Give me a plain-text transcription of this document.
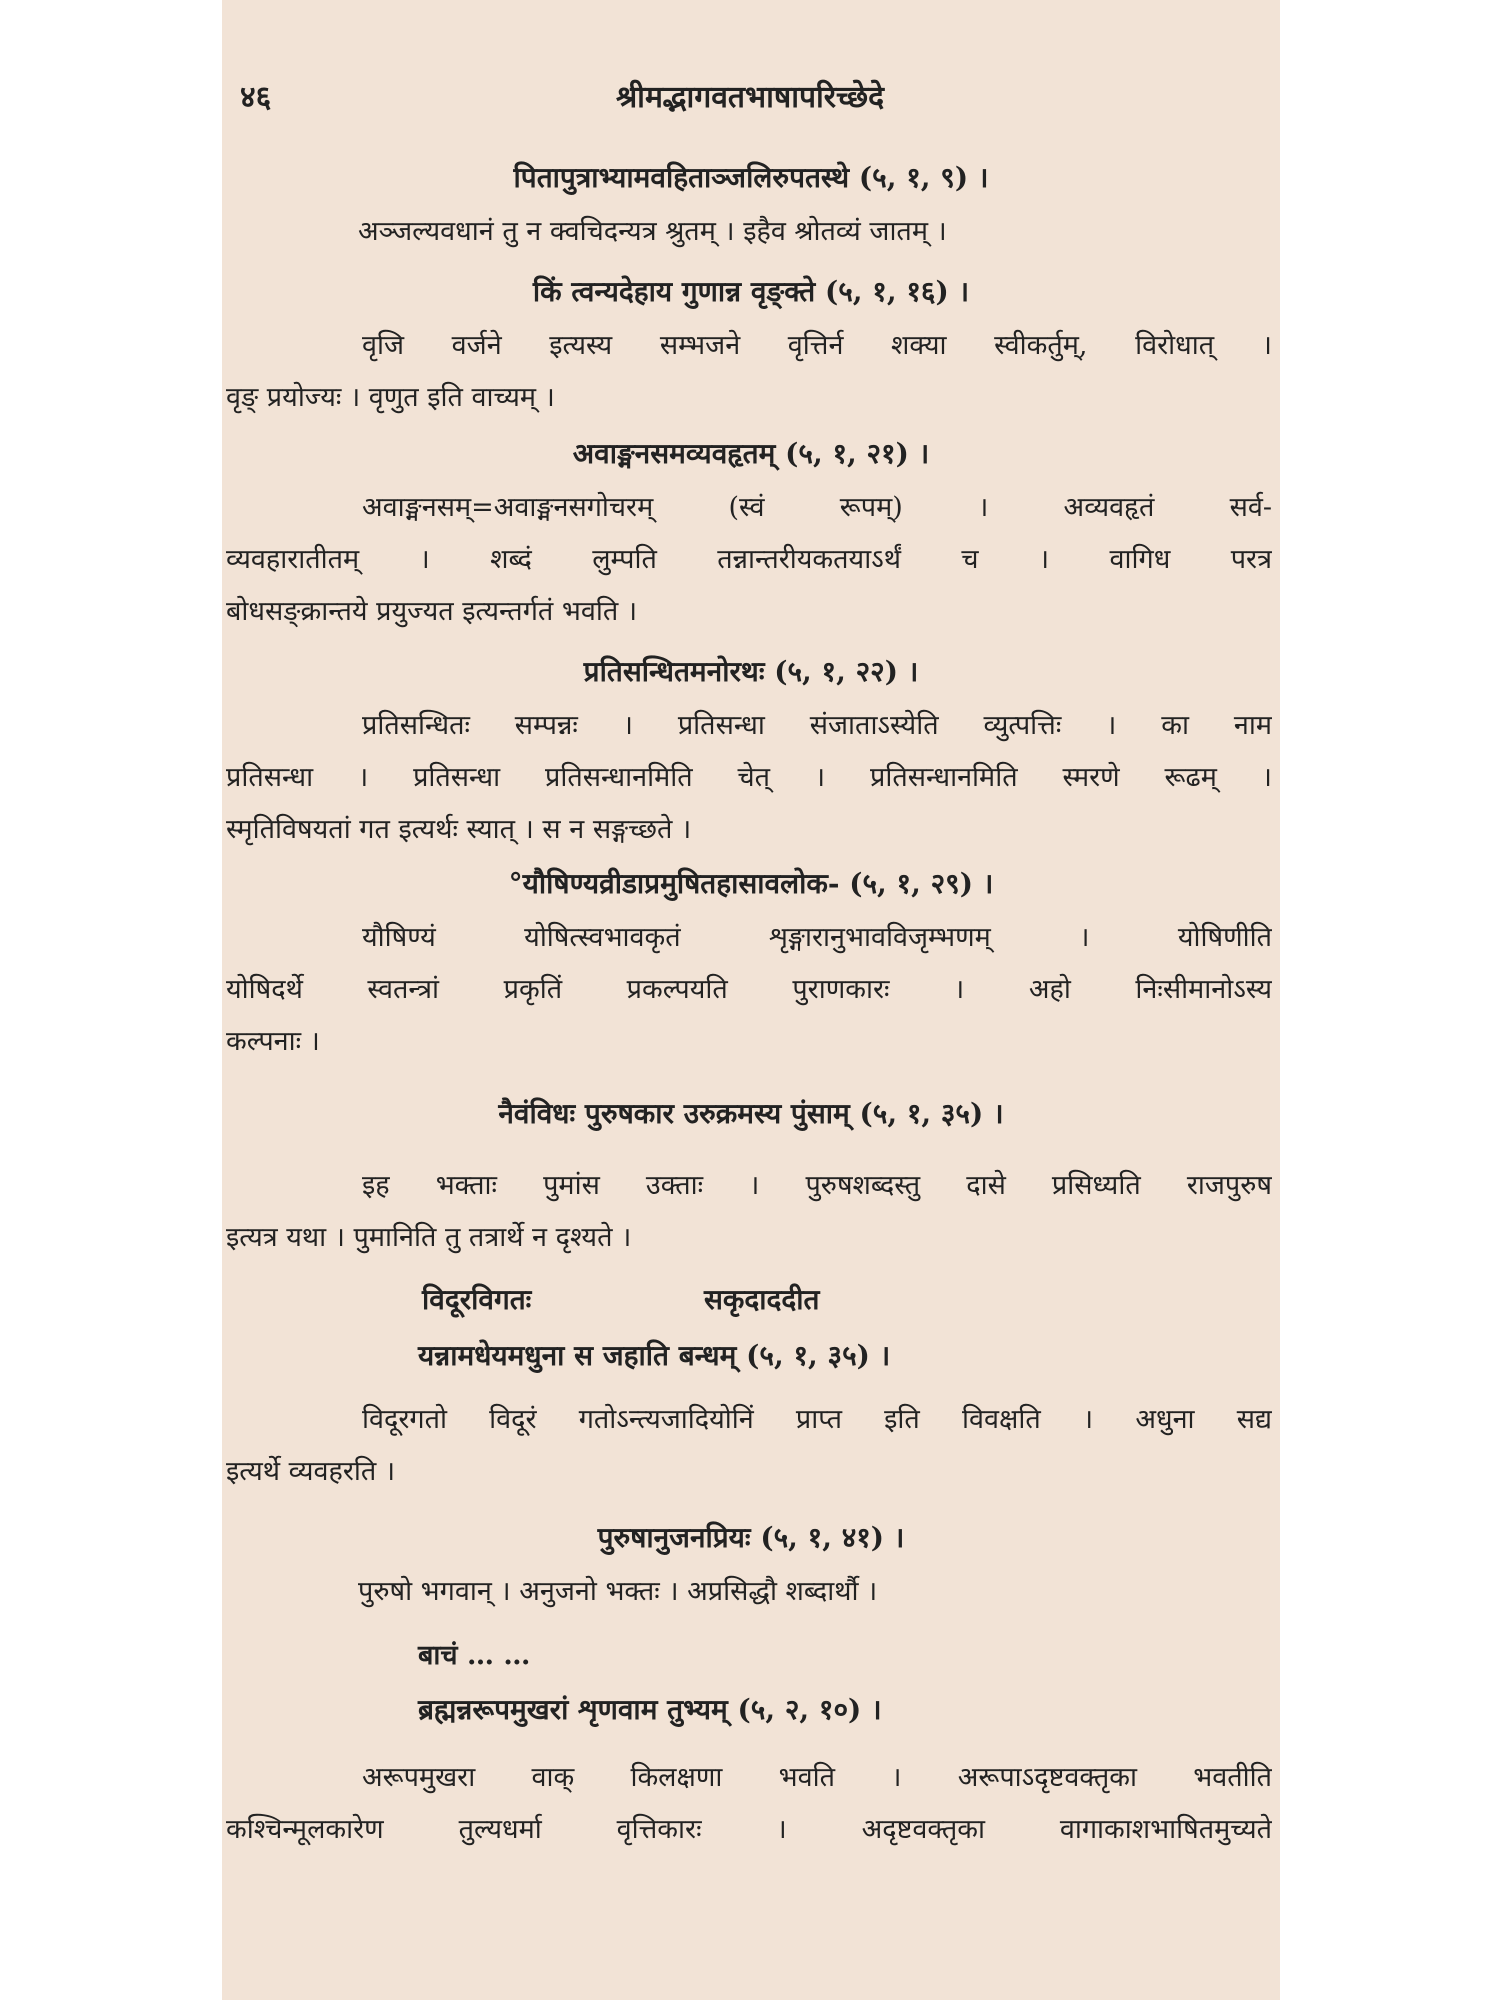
४६	श्रीमद्भागवतभाषापरिच्छेदे
पितापुत्राभ्यामवहिताञ्जलिरुपतस्थे (५, १, ९) ।
अञ्जल्यवधानं तु न क्वचिदन्यत्र श्रुतम् । इहैव श्रोतव्यं जातम् ।
किं त्वन्यदेहाय गुणान्न वृङ्क्ते (५, १, १६) ।
वृजि वर्जने इत्यस्य सम्भजने वृत्तिर्न शक्या स्वीकर्तुम्, विरोधात् ।
वृङ् प्रयोज्यः । वृणुत इति वाच्यम् ।
अवाङ्मनसमव्यवहृतम् (५, १, २१) ।
अवाङ्मनसम्=अवाङ्मनसगोचरम् (स्वं रूपम्) । अव्यवहृतं सर्व-
व्यवहारातीतम् । शब्दं लुम्पति तन्नान्तरीयकतयाऽर्थं च । वागिध परत्र
बोधसङ्क्रान्तये प्रयुज्यत इत्यन्तर्गतं भवति ।
प्रतिसन्धितमनोरथः (५, १, २२) ।
प्रतिसन्धितः सम्पन्नः । प्रतिसन्धा संजाताऽस्येति व्युत्पत्तिः । का नाम
प्रतिसन्धा । प्रतिसन्धा प्रतिसन्धानमिति चेत् । प्रतिसन्धानमिति स्मरणे रूढम् ।
स्मृतिविषयतां गत इत्यर्थः स्यात् । स न सङ्गच्छते ।
°यौषिण्यव्रीडाप्रमुषितहासावलोक- (५, १, २९) ।
यौषिण्यं योषित्स्वभावकृतं शृङ्गारानुभावविजृम्भणम् । योषिणीति
योषिदर्थे स्वतन्त्रां प्रकृतिं प्रकल्पयति पुराणकारः । अहो निःसीमानोऽस्य
कल्पनाः ।
नैवंविधः पुरुषकार उरुक्रमस्य पुंसाम् (५, १, ३५) ।
इह भक्ताः पुमांस उक्ताः । पुरुषशब्दस्तु दासे प्रसिध्यति राजपुरुष
इत्यत्र यथा । पुमानिति तु तत्रार्थे न दृश्यते ।
विदूरविगतः	सकृदाददीत
यन्नामधेयमधुना स जहाति बन्धम् (५, १, ३५) ।
विदूरगतो विदूरं गतोऽन्त्यजादियोनिं प्राप्त इति विवक्षति । अधुना सद्य
इत्यर्थे व्यवहरति ।
पुरुषानुजनप्रियः (५, १, ४१) ।
पुरुषो भगवान् । अनुजनो भक्तः । अप्रसिद्धौ शब्दार्थौ ।
बाचं … …
ब्रह्मन्नरूपमुखरां शृणवाम तुभ्यम् (५, २, १०) ।
अरूपमुखरा वाक् किलक्षणा भवति । अरूपाऽदृष्टवक्तृका भवतीति
कश्चिन्मूलकारेण तुल्यधर्मा वृत्तिकारः । अदृष्टवक्तृका वागाकाशभाषितमुच्यते
